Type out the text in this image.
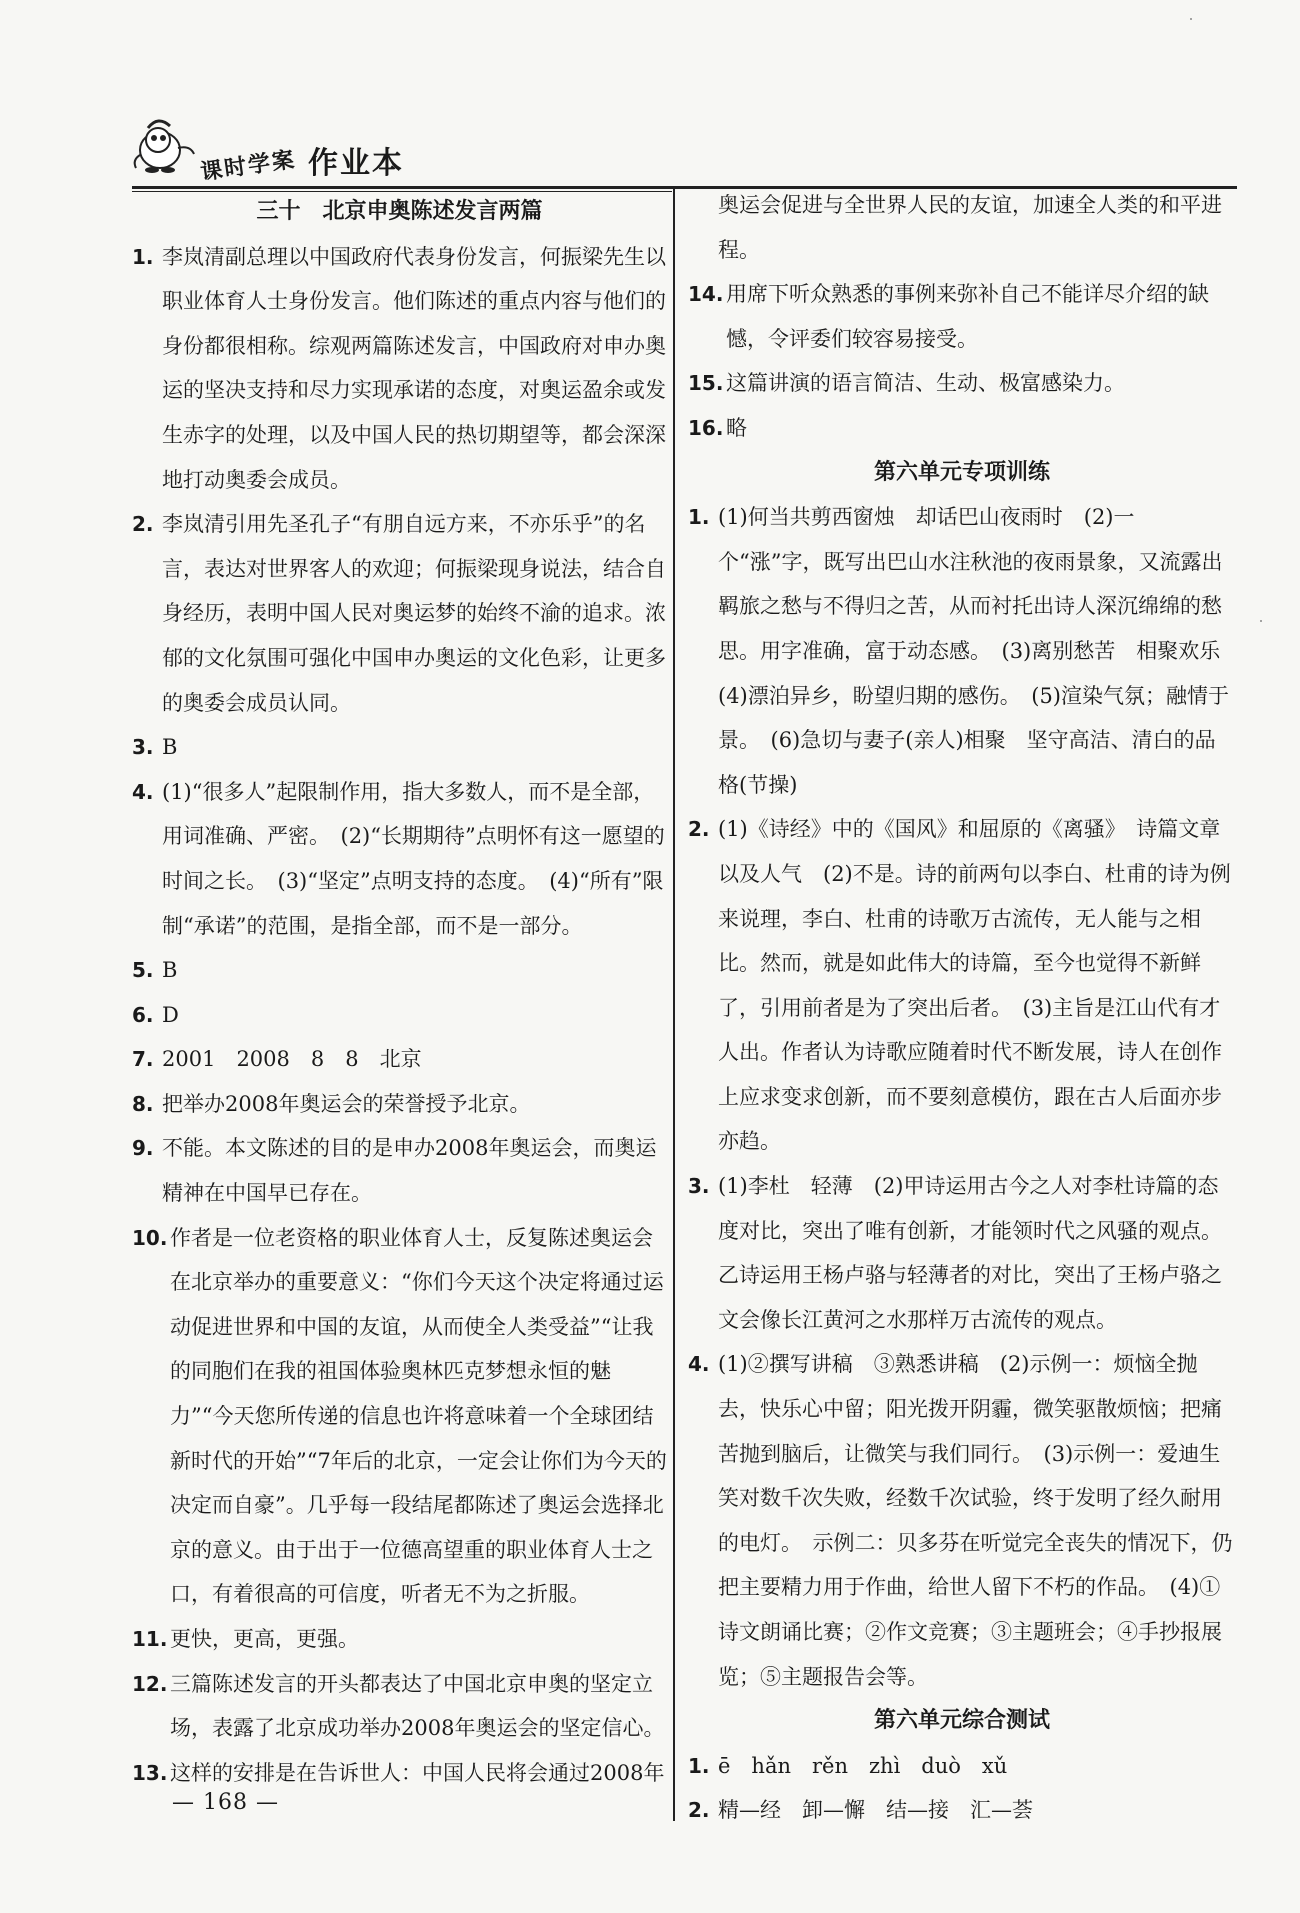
课时学案 作业本
三十　北京申奥陈述发言两篇
1. 李岚清副总理以中国政府代表身份发言，何振梁先生以职业体育人士身份发言。他们陈述的重点内容与他们的身份都很相称。综观两篇陈述发言，中国政府对申办奥运的坚决支持和尽力实现承诺的态度，对奥运盈余或发生赤字的处理，以及中国人民的热切期望等，都会深深地打动奥委会成员。
2. 李岚清引用先圣孔子“有朋自远方来，不亦乐乎”的名言，表达对世界客人的欢迎；何振梁现身说法，结合自身经历，表明中国人民对奥运梦的始终不渝的追求。浓郁的文化氛围可强化中国申办奥运的文化色彩，让更多的奥委会成员认同。
3. B
4. (1)“很多人”起限制作用，指大多数人，而不是全部，用词准确、严密。　(2)“长期期待”点明怀有这一愿望的时间之长。　(3)“坚定”点明支持的态度。　(4)“所有”限制“承诺”的范围，是指全部，而不是一部分。
5. B
6. D
7. 2001　2008　8　8　北京
8. 把举办2008年奥运会的荣誉授予北京。
9. 不能。本文陈述的目的是申办2008年奥运会，而奥运精神在中国早已存在。
10. 作者是一位老资格的职业体育人士，反复陈述奥运会在北京举办的重要意义：“你们今天这个决定将通过运动促进世界和中国的友谊，从而使全人类受益”“让我的同胞们在我的祖国体验奥林匹克梦想永恒的魅力”“今天您所传递的信息也许将意味着一个全球团结新时代的开始”“7年后的北京，一定会让你们为今天的决定而自豪”。几乎每一段结尾都陈述了奥运会选择北京的意义。由于出于一位德高望重的职业体育人士之口，有着很高的可信度，听者无不为之折服。
11. 更快，更高，更强。
12. 三篇陈述发言的开头都表达了中国北京申奥的坚定立场，表露了北京成功举办2008年奥运会的坚定信心。
13. 这样的安排是在告诉世人：中国人民将会通过2008年
奥运会促进与全世界人民的友谊，加速全人类的和平进程。
14. 用席下听众熟悉的事例来弥补自己不能详尽介绍的缺憾，令评委们较容易接受。
15. 这篇讲演的语言简洁、生动、极富感染力。
16. 略
第六单元专项训练
1. (1)何当共剪西窗烛　却话巴山夜雨时　(2)一个“涨”字，既写出巴山水注秋池的夜雨景象，又流露出羁旅之愁与不得归之苦，从而衬托出诗人深沉绵绵的愁思。用字准确，富于动态感。　(3)离别愁苦　相聚欢乐　(4)漂泊异乡，盼望归期的感伤。　(5)渲染气氛；融情于景。　(6)急切与妻子(亲人)相聚　坚守高洁、清白的品格(节操)
2. (1)《诗经》中的《国风》和屈原的《离骚》　诗篇文章以及人气　(2)不是。诗的前两句以李白、杜甫的诗为例来说理，李白、杜甫的诗歌万古流传，无人能与之相比。然而，就是如此伟大的诗篇，至今也觉得不新鲜了，引用前者是为了突出后者。　(3)主旨是江山代有才人出。作者认为诗歌应随着时代不断发展，诗人在创作上应求变求创新，而不要刻意模仿，跟在古人后面亦步亦趋。
3. (1)李杜　轻薄　(2)甲诗运用古今之人对李杜诗篇的态度对比，突出了唯有创新，才能领时代之风骚的观点。乙诗运用王杨卢骆与轻薄者的对比，突出了王杨卢骆之文会像长江黄河之水那样万古流传的观点。
4. (1)②撰写讲稿　③熟悉讲稿　(2)示例一：烦恼全抛去，快乐心中留；阳光拨开阴霾，微笑驱散烦恼；把痛苦抛到脑后，让微笑与我们同行。　(3)示例一：爱迪生笑对数千次失败，经数千次试验，终于发明了经久耐用的电灯。　示例二：贝多芬在听觉完全丧失的情况下，仍把主要精力用于作曲，给世人留下不朽的作品。　(4)①诗文朗诵比赛；②作文竞赛；③主题班会；④手抄报展览；⑤主题报告会等。
第六单元综合测试
1. ē　hǎn　rěn　zhì　duò　xǔ
2. 精—经　卸—懈　结—接　汇—荟
— 168 —
